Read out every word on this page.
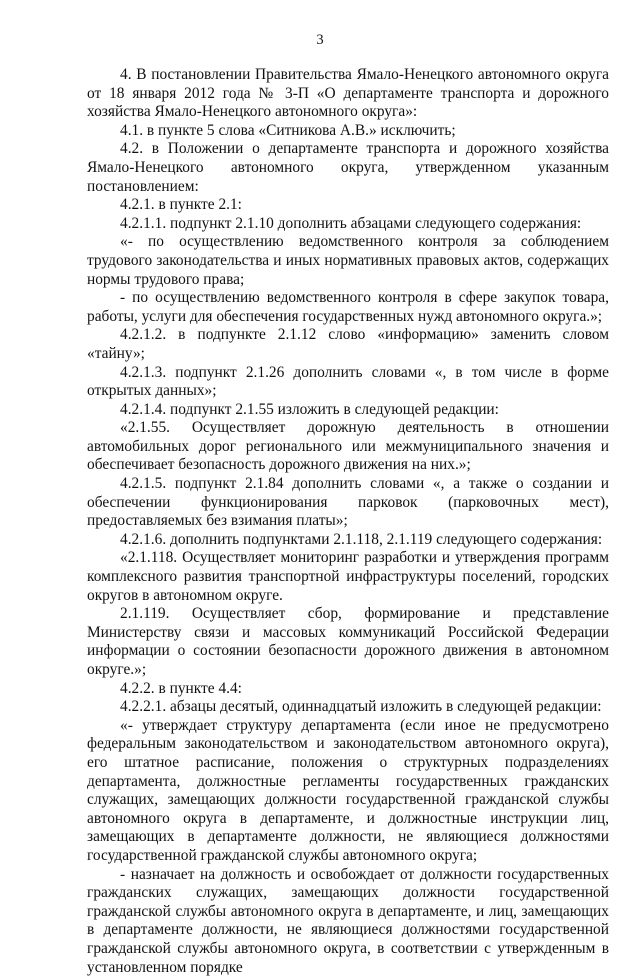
3

4. В постановлении Правительства Ямало-Ненецкого автономного округа от 18 января 2012 года № 3-П «О департаменте транспорта и дорожного хозяйства Ямало-Ненецкого автономного округа»:

4.1. в пункте 5 слова «Ситникова А.В.» исключить;

4.2. в Положении о департаменте транспорта и дорожного хозяйства Ямало-Ненецкого автономного округа, утвержденном указанным постановлением:

4.2.1. в пункте 2.1:

4.2.1.1. подпункт 2.1.10 дополнить абзацами следующего содержания:

«- по осуществлению ведомственного контроля за соблюдением трудового законодательства и иных нормативных правовых актов, содержащих нормы трудового права;

- по осуществлению ведомственного контроля в сфере закупок товара, работы, услуги для обеспечения государственных нужд автономного округа.»;

4.2.1.2. в подпункте 2.1.12 слово «информацию» заменить словом «тайну»;

4.2.1.3. подпункт 2.1.26 дополнить словами «, в том числе в форме открытых данных»;

4.2.1.4. подпункт 2.1.55 изложить в следующей редакции:

«2.1.55. Осуществляет дорожную деятельность в отношении автомобильных дорог регионального или межмуниципального значения и обеспечивает безопасность дорожного движения на них.»;

4.2.1.5. подпункт 2.1.84 дополнить словами «, а также о создании и обеспечении функционирования парковок (парковочных мест), предоставляемых без взимания платы»;

4.2.1.6. дополнить подпунктами 2.1.118, 2.1.119 следующего содержания:

«2.1.118. Осуществляет мониторинг разработки и утверждения программ комплексного развития транспортной инфраструктуры поселений, городских округов в автономном округе.

2.1.119. Осуществляет сбор, формирование и представление Министерству связи и массовых коммуникаций Российской Федерации информации о состоянии безопасности дорожного движения в автономном округе.»;

4.2.2. в пункте 4.4:

4.2.2.1. абзацы десятый, одиннадцатый изложить в следующей редакции:

«- утверждает структуру департамента (если иное не предусмотрено федеральным законодательством и законодательством автономного округа), его штатное расписание, положения о структурных подразделениях департамента, должностные регламенты государственных гражданских служащих, замещающих должности государственной гражданской службы автономного округа в департаменте, и должностные инструкции лиц, замещающих в департаменте должности, не являющиеся должностями государственной гражданской службы автономного округа;

- назначает на должность и освобождает от должности государственных гражданских служащих, замещающих должности государственной гражданской службы автономного округа в департаменте, и лиц, замещающих в департаменте должности, не являющиеся должностями государственной гражданской службы автономного округа, в соответствии с утвержденным в установленном порядке
